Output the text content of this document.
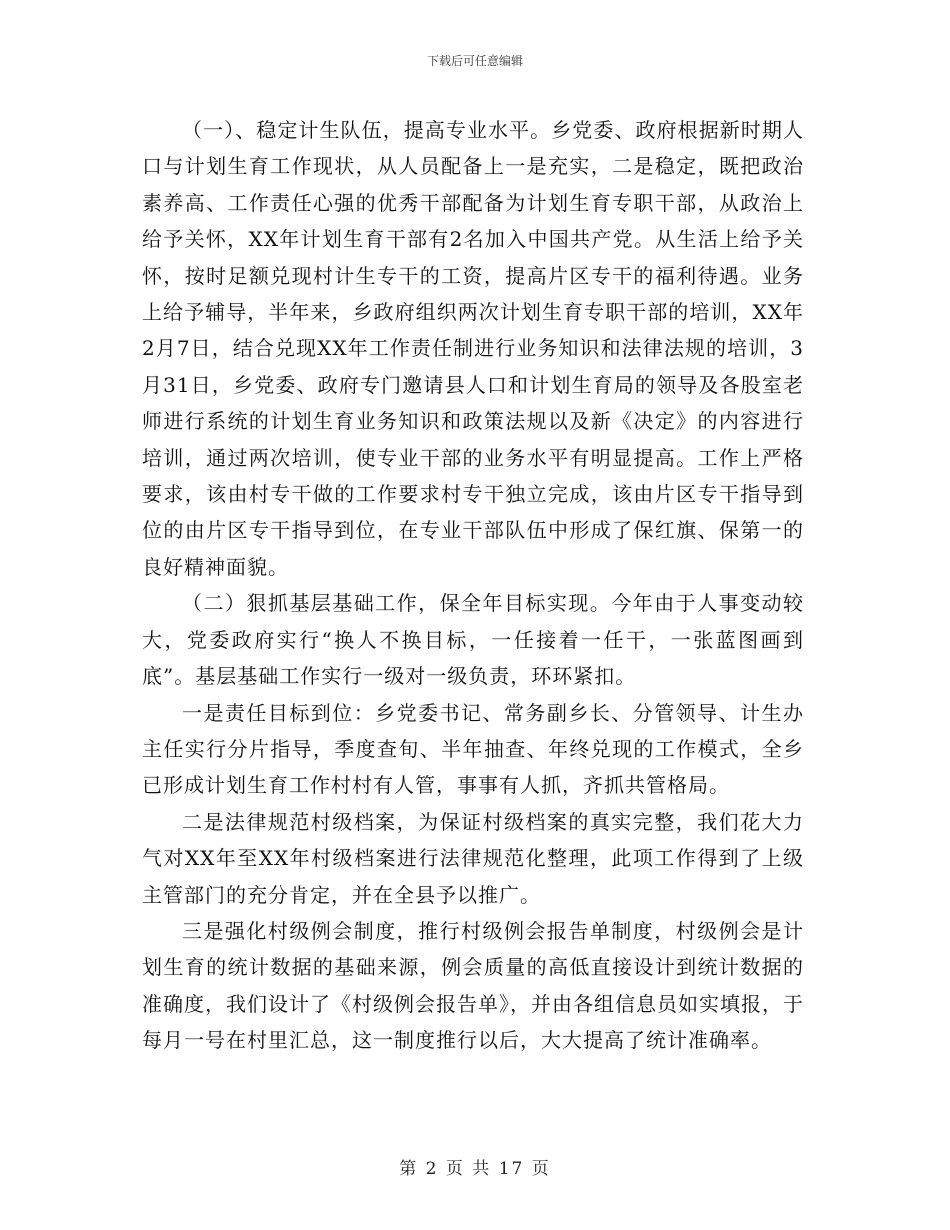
下载后可任意编辑

（一）、稳定计生队伍，提高专业水平。乡党委、政府根据新时期人口与计划生育工作现状，从人员配备上一是充实，二是稳定，既把政治素养高、工作责任心强的优秀干部配备为计划生育专职干部，从政治上给予关怀，XX年计划生育干部有2名加入中国共产党。从生活上给予关怀，按时足额兑现村计生专干的工资，提高片区专干的福利待遇。业务上给予辅导，半年来，乡政府组织两次计划生育专职干部的培训，XX年2月7日，结合兑现XX年工作责任制进行业务知识和法律法规的培训，3月31日，乡党委、政府专门邀请县人口和计划生育局的领导及各股室老师进行系统的计划生育业务知识和政策法规以及新《决定》的内容进行培训，通过两次培训，使专业干部的业务水平有明显提高。工作上严格要求，该由村专干做的工作要求村专干独立完成，该由片区专干指导到位的由片区专干指导到位，在专业干部队伍中形成了保红旗、保第一的良好精神面貌。

（二）狠抓基层基础工作，保全年目标实现。今年由于人事变动较大，党委政府实行“换人不换目标，一任接着一任干，一张蓝图画到底”。基层基础工作实行一级对一级负责，环环紧扣。

一是责任目标到位：乡党委书记、常务副乡长、分管领导、计生办主任实行分片指导，季度查旬、半年抽查、年终兑现的工作模式，全乡已形成计划生育工作村村有人管，事事有人抓，齐抓共管格局。

二是法律规范村级档案，为保证村级档案的真实完整，我们花大力气对XX年至XX年村级档案进行法律规范化整理，此项工作得到了上级主管部门的充分肯定，并在全县予以推广。

三是强化村级例会制度，推行村级例会报告单制度，村级例会是计划生育的统计数据的基础来源，例会质量的高低直接设计到统计数据的准确度，我们设计了《村级例会报告单》，并由各组信息员如实填报，于每月一号在村里汇总，这一制度推行以后，大大提高了统计准确率。

第 2 页 共 17 页
